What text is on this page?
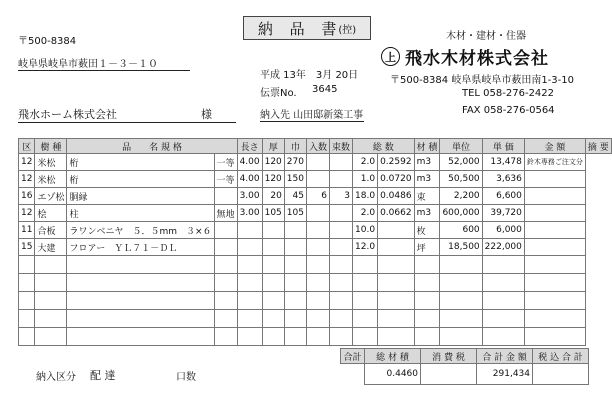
〒500-8384
岐阜県岐阜市薮田１－３－１０
納 品 書
(控)
平成 13年　3月 20日
伝票No. 3645
木材・建材・住器
上 飛水木材株式会社
〒500-8384 岐阜県岐阜市薮田南1-3-10
TEL 058-276-2422
FAX 058-276-0564
飛水ホーム株式会社	様	納入先 山田邸新築工事
区	樹 種	品　　名 規 格		長さ	厚	巾	入数	束数	総 数		材 積	単位	単 価	金 額	摘 要
12	米松	桁	一等	4.00	120	270			2.0	0.2592	m3	52,000	13,478	鈴木専務ご注文分	
12	米松	桁	一等	4.00	120	150			1.0	0.0720	m3	50,500	3,636		
16	エゾ松	胴縁		3.00	20	45	6	3	18.0	0.0486	束	2,200	6,600		
12	桧	柱	無地	3.00	105	105			2.0	0.0662	m3	600,000	39,720		
11	合板	ラワンベニヤ　５．５mm　３×６							10.0		枚	600	6,000		
15	大建	フロアー　ＹＬ７１－ＤＬ							12.0		坪	18,500	222,000		

合計	総 材 積	消 費 税	合 計 金 額	税 込 合 計
	0.4460		291,434	
納入区分 配 達	口数
